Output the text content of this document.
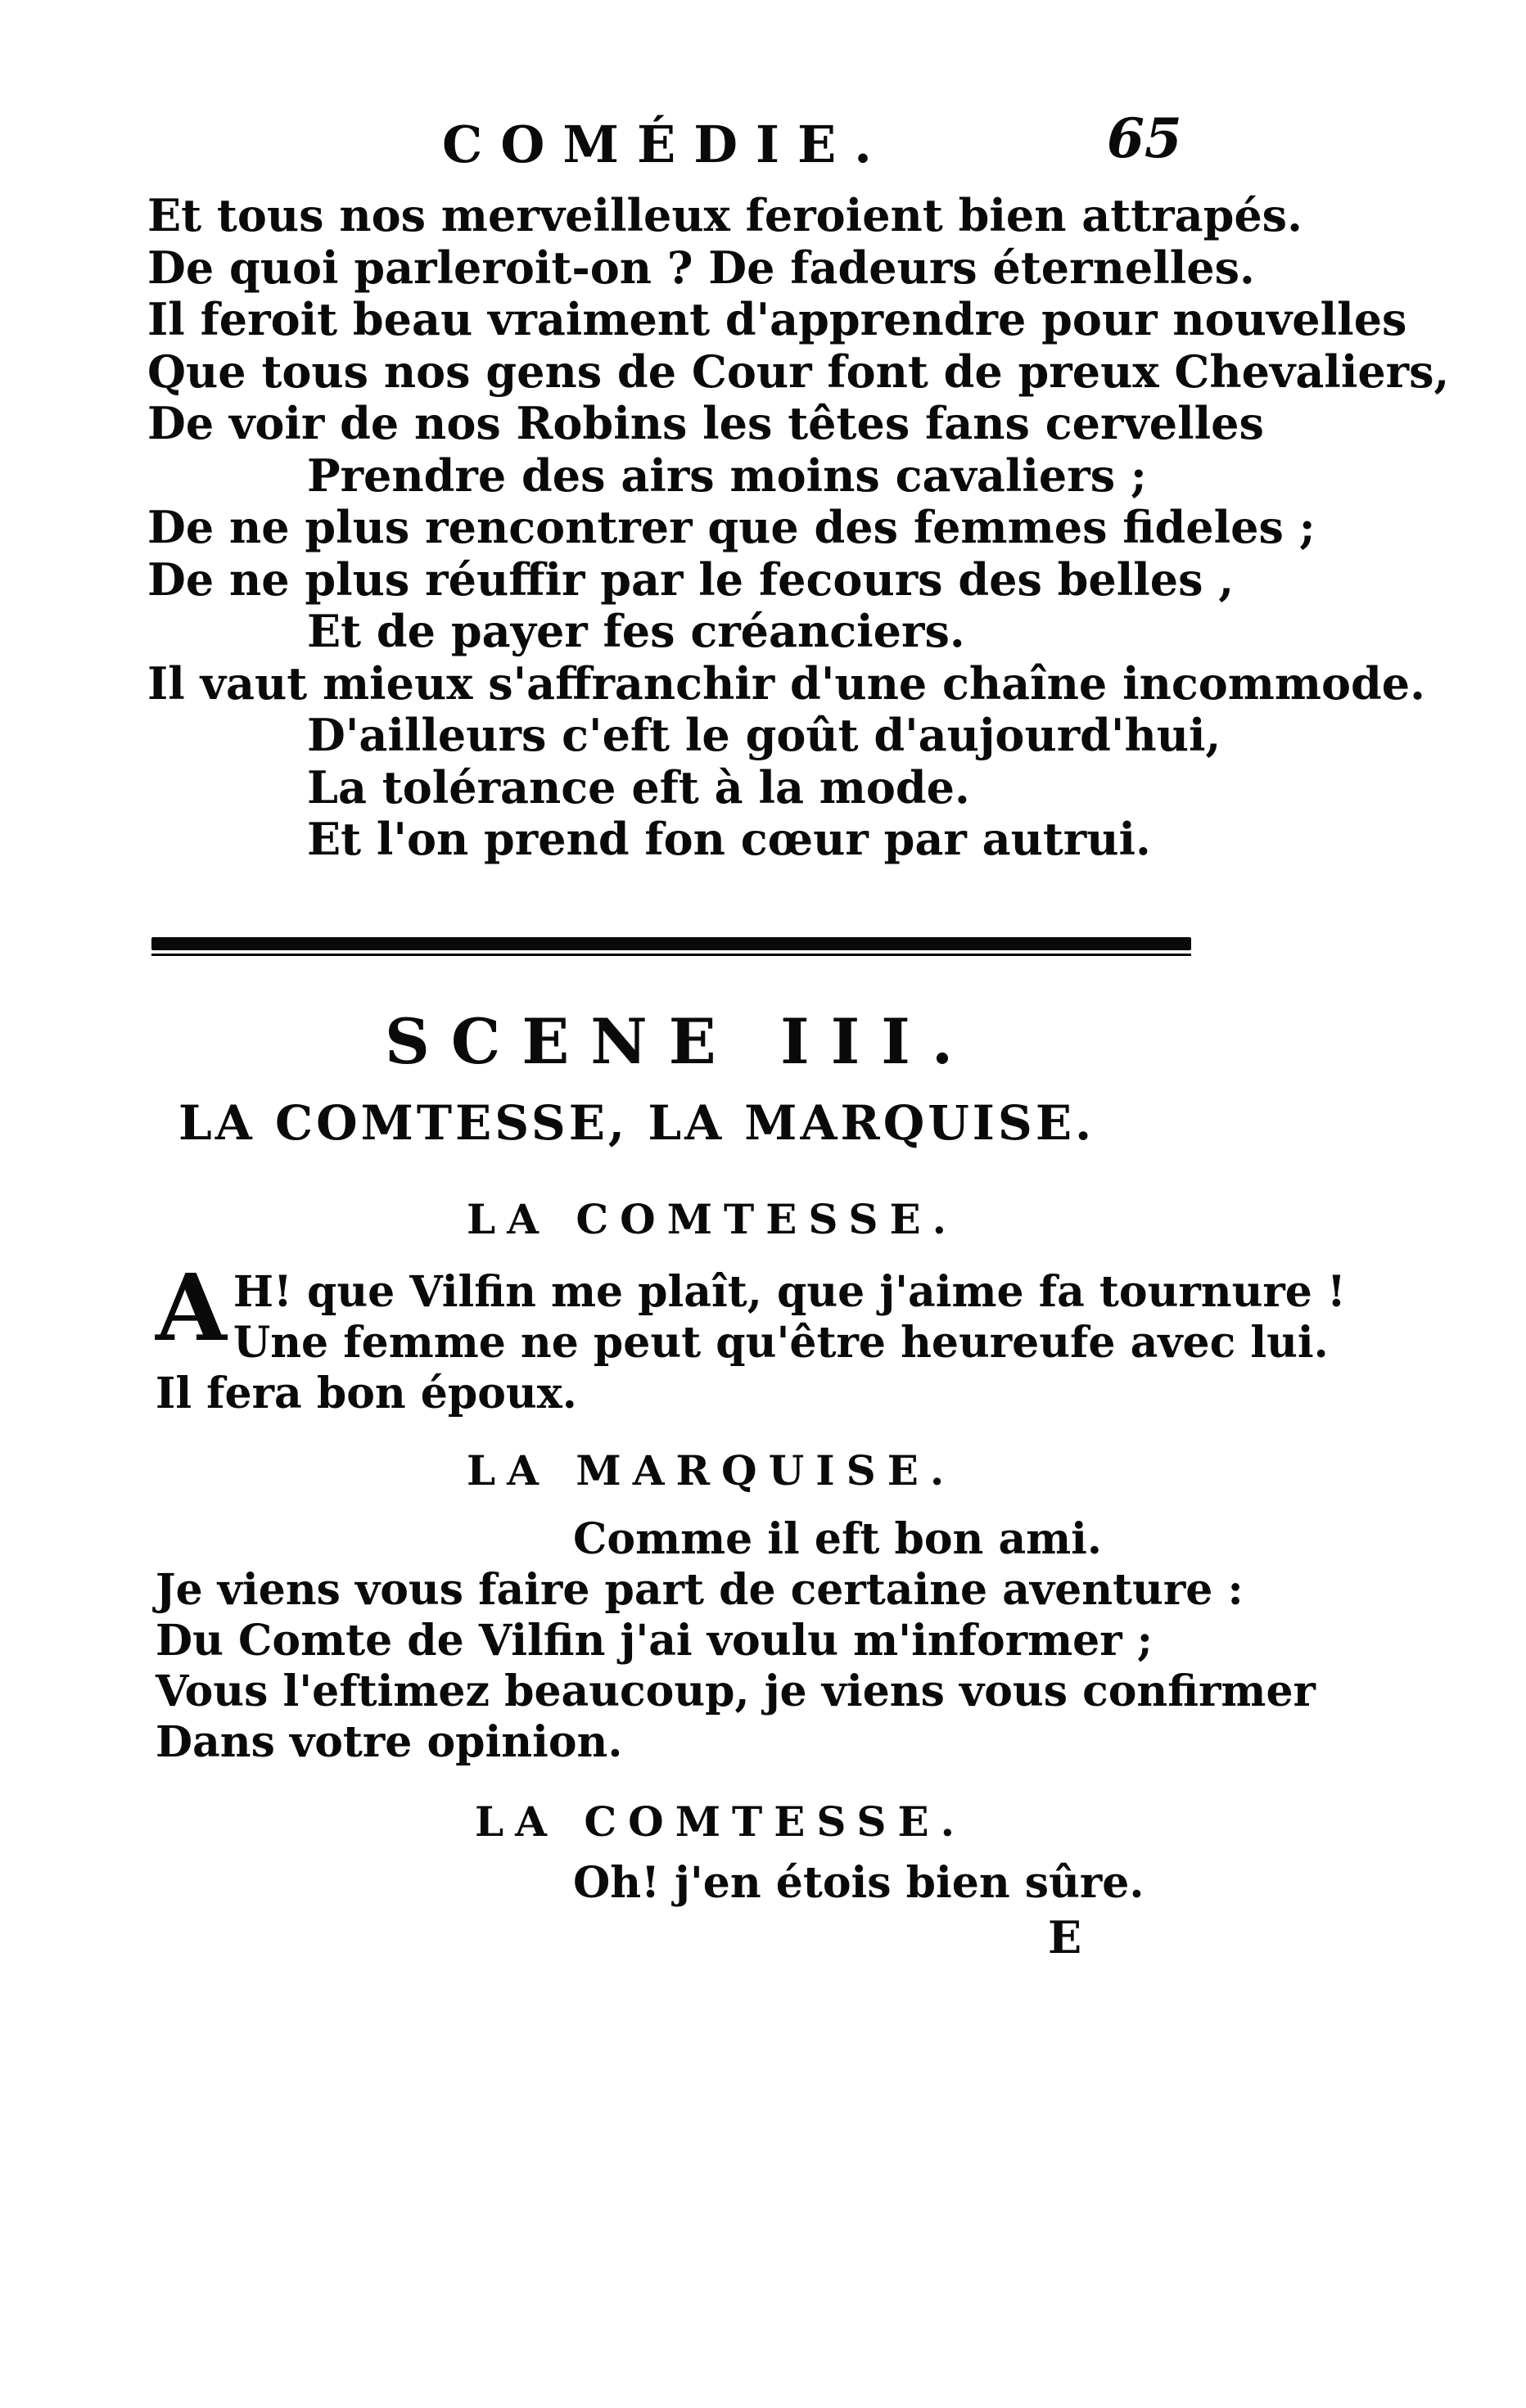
COMÉDIE.	65
Et tous nos merveilleux feroient bien attrapés.
De quoi parleroit-on ? De fadeurs éternelles.
Il feroit beau vraiment d'apprendre pour nouvelles
Que tous nos gens de Cour font de preux Chevaliers,
De voir de nos Robins les têtes fans cervelles
Prendre des airs moins cavaliers ;
De ne plus rencontrer que des femmes fideles ;
De ne plus réuffir par le fecours des belles ,
Et de payer fes créanciers.
Il vaut mieux s'affranchir d'une chaîne incommode.
D'ailleurs c'eft le goût d'aujourd'hui,
La tolérance eft à la mode.
Et l'on prend fon cœur par autrui.
SCENE III.
LA COMTESSE, LA MARQUISE.
LA COMTESSE.
A H! que Vilfin me plaît, que j'aime fa tournure !
Une femme ne peut qu'être heureufe avec lui.
Il fera bon époux.
LA MARQUISE.
Comme il eft bon ami.
Je viens vous faire part de certaine aventure :
Du Comte de Vilfin j'ai voulu m'informer ;
Vous l'eftimez beaucoup, je viens vous confirmer
Dans votre opinion.
LA COMTESSE.
Oh! j'en étois bien sûre.
E
